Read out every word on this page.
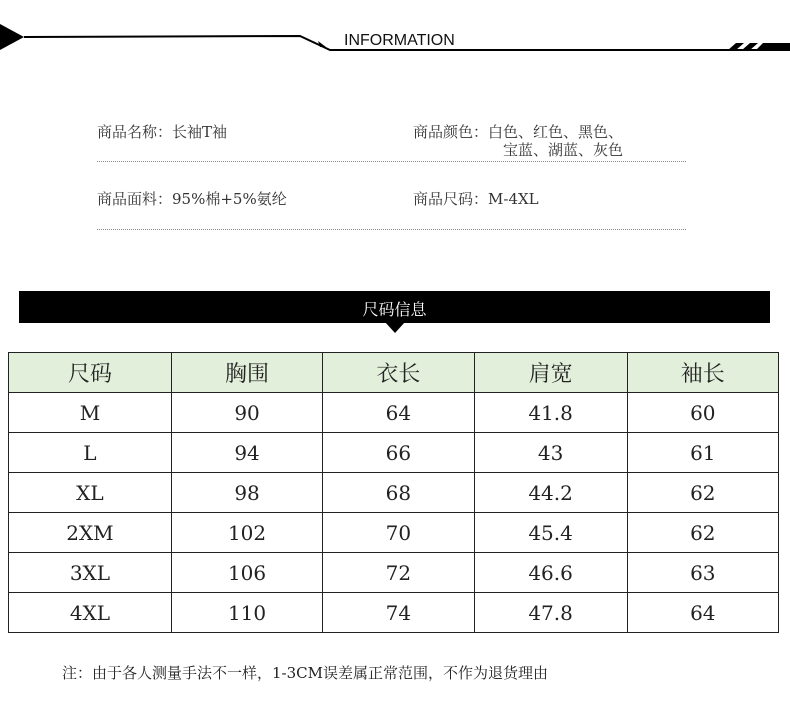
INFORMATION
商品名称：长袖T袖	商品颜色：白色、红色、黑色、
宝蓝、湖蓝、灰色
商品面料：95%棉+5%氨纶	商品尺码：M-4XL
尺码信息
尺码	胸围	衣长	肩宽	袖长
M	90	64	41.8	60
L	94	66	43	61
XL	98	68	44.2	62
2XM	102	70	45.4	62
3XL	106	72	46.6	63
4XL	110	74	47.8	64
注：由于各人测量手法不一样，1-3CM误差属正常范围，不作为退货理由
